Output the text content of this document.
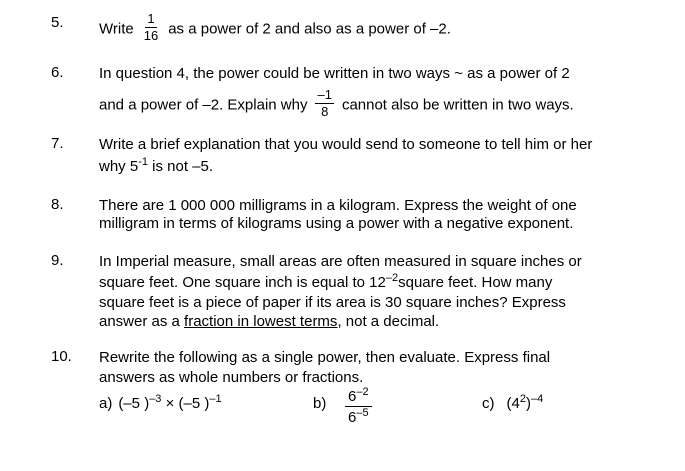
5. Write $\frac{1}{16}$ as a power of 2 and also as a power of –2.
6. In question 4, the power could be written in two ways ~ as a power of 2
and a power of –2. Explain why $\frac{-1}{8}$ cannot also be written in two ways.
7. Write a brief explanation that you would send to someone to tell him or her
why $5^{-1}$ is not –5.
8. There are 1 000 000 milligrams in a kilogram. Express the weight of one
milligram in terms of kilograms using a power with a negative exponent.
9. In Imperial measure, small areas are often measured in square inches or
square feet. One square inch is equal to $12^{-2}square$ feet. How many
square feet is a piece of paper if its area is 30 square inches? Express
answer as a fraction in lowest terms, not a decimal.
10. Rewrite the following as a single power, then evaluate. Express final
answers as whole numbers or fractions.
a) (–5 )$^{-3}$ × (–5 )$^{-1}$	b) $6^{-2}$
$6^{-5}$
c) $(4^2)^{-4}$
